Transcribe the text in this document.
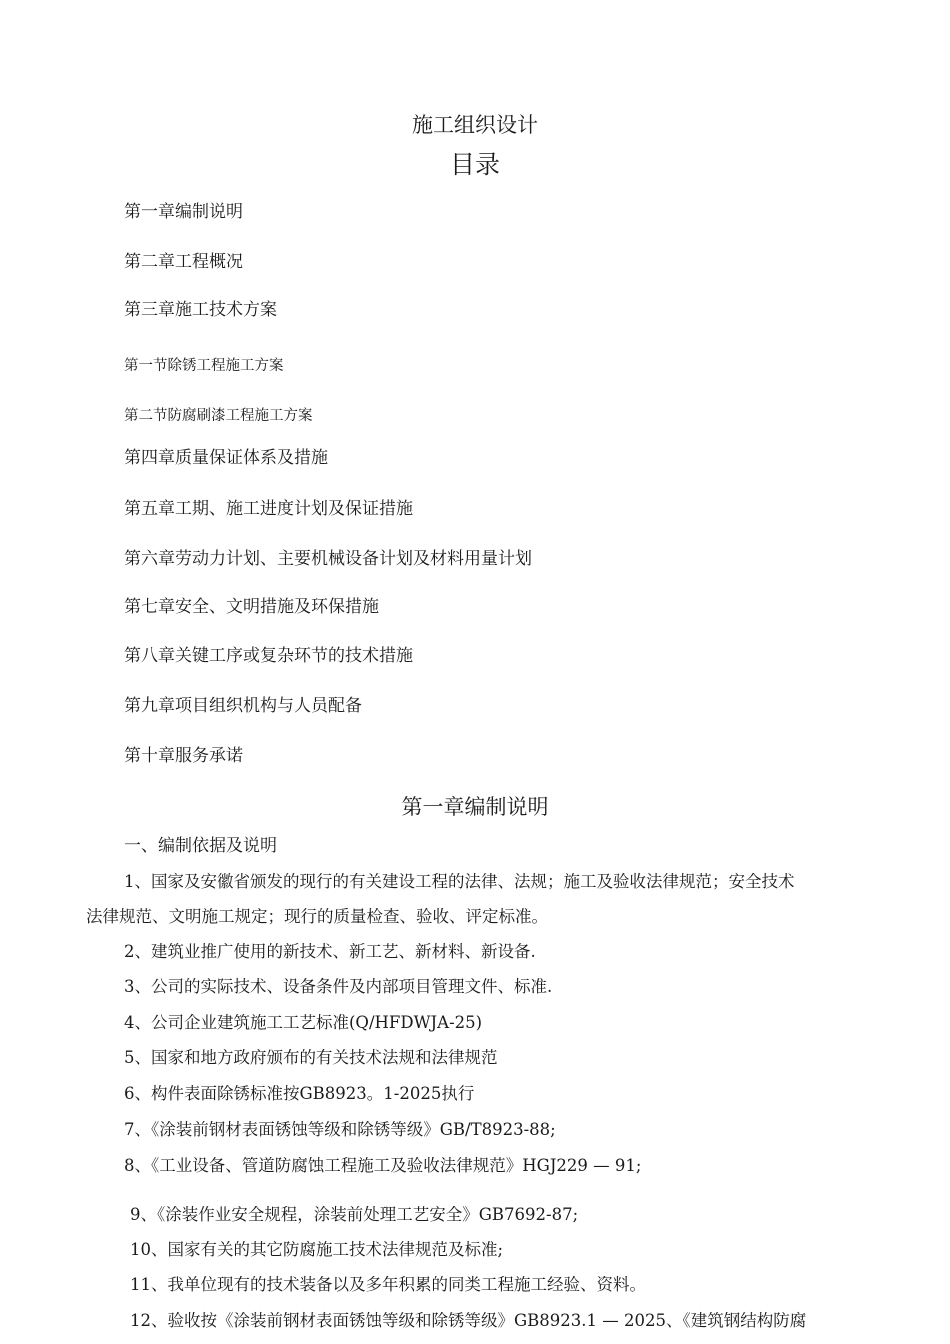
施工组织设计
目录
第一章编制说明
第二章工程概况
第三章施工技术方案
第一节除锈工程施工方案
第二节防腐刷漆工程施工方案
第四章质量保证体系及措施
第五章工期、施工进度计划及保证措施
第六章劳动力计划、主要机械设备计划及材料用量计划
第七章安全、文明措施及环保措施
第八章关键工序或复杂环节的技术措施
第九章项目组织机构与人员配备
第十章服务承诺
第一章编制说明
一、编制依据及说明
1、国家及安徽省颁发的现行的有关建设工程的法律、法规；施工及验收法律规范；安全技术
法律规范、文明施工规定；现行的质量检查、验收、评定标准。
2、建筑业推广使用的新技术、新工艺、新材料、新设备.
3、公司的实际技术、设备条件及内部项目管理文件、标准.
4、公司企业建筑施工工艺标准(Q/HFDWJA-25)
5、国家和地方政府颁布的有关技术法规和法律规范
6、构件表面除锈标准按GB8923。1-2025执行
7、《涂装前钢材表面锈蚀等级和除锈等级》GB/T8923-88;
8、《工业设备、管道防腐蚀工程施工及验收法律规范》HGJ229 — 91;
9、《涂装作业安全规程，涂装前处理工艺安全》GB7692-87;
10、国家有关的其它防腐施工技术法律规范及标准;
11、我单位现有的技术装备以及多年积累的同类工程施工经验、资料。
12、验收按《涂装前钢材表面锈蚀等级和除锈等级》GB8923.1 — 2025、《建筑钢结构防腐
